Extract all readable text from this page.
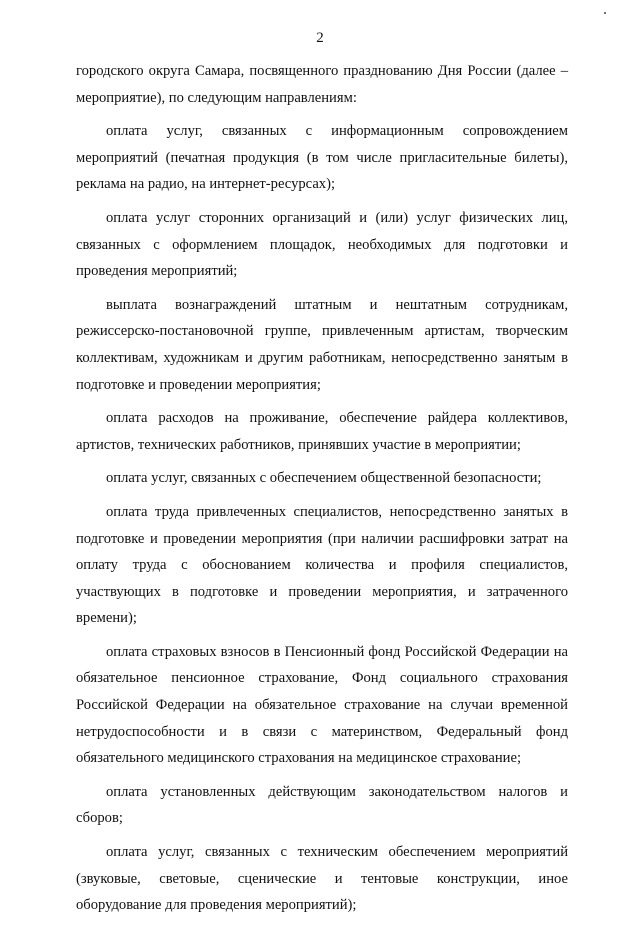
2

городского округа Самара, посвященного празднованию Дня России (далее – мероприятие), по следующим направлениям:

оплата услуг, связанных с информационным сопровождением мероприятий (печатная продукция (в том числе пригласительные билеты), реклама на радио, на интернет-ресурсах);

оплата услуг сторонних организаций и (или) услуг физических лиц, связанных с оформлением площадок, необходимых для подготовки и проведения мероприятий;

выплата вознаграждений штатным и нештатным сотрудникам, режиссерско-постановочной группе, привлеченным артистам, творческим коллективам, художникам и другим работникам, непосредственно занятым в подготовке и проведении мероприятия;

оплата расходов на проживание, обеспечение райдера коллективов, артистов, технических работников, принявших участие в мероприятии;

оплата услуг, связанных с обеспечением общественной безопасности;

оплата труда привлеченных специалистов, непосредственно занятых в подготовке и проведении мероприятия (при наличии расшифровки затрат на оплату труда с обоснованием количества и профиля специалистов, участвующих в подготовке и проведении мероприятия, и затраченного времени);

оплата страховых взносов в Пенсионный фонд Российской Федерации на обязательное пенсионное страхование, Фонд социального страхования Российской Федерации на обязательное страхование на случаи временной нетрудоспособности и в связи с материнством, Федеральный фонд обязательного медицинского страхования на медицинское страхование;

оплата установленных действующим законодательством налогов и сборов;

оплата услуг, связанных с техническим обеспечением мероприятий (звуковые, световые, сценические и тентовые конструкции, иное оборудование для проведения мероприятий);
